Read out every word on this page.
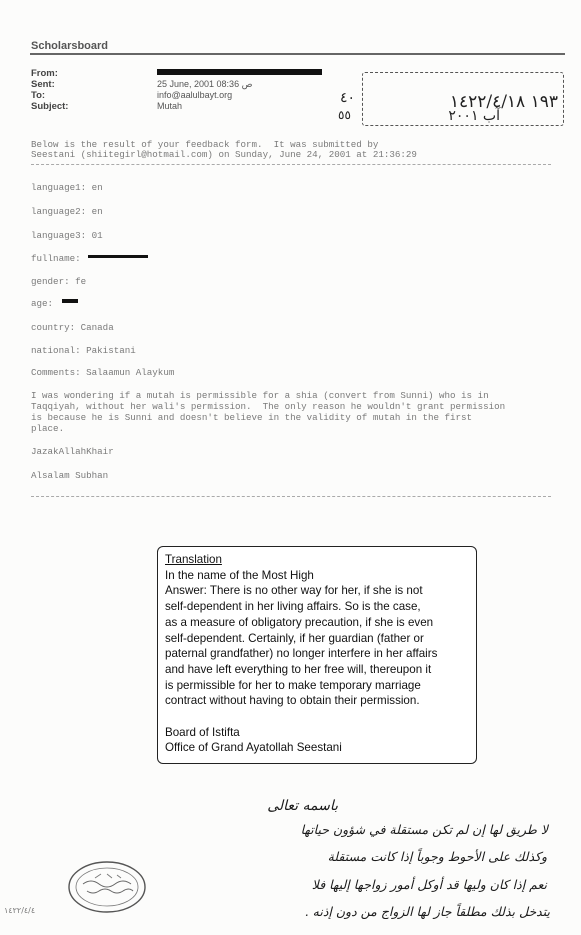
Scholarsboard
From:
Sent:	25 June, 2001 08:36 ص
To:	info@aalulbayt.org
Subject:	Mutah	١٩٣ ١٤٢٢/٤/١٨
آب ٢٠٠١
٤٠
٥٥
Below is the result of your feedback form.  It was submitted by
Seestani (shiitegirl@hotmail.com) on Sunday, June 24, 2001 at 21:36:29
language1: en
language2: en
language3: 01
fullname:
gender: fe
age:
country: Canada
national: Pakistani
Comments: Salaamun Alaykum
I was wondering if a mutah is permissible for a shia (convert from Sunni) who is in
Taqqiyah, without her wali's permission.  The only reason he wouldn't grant permission
is because he is Sunni and doesn't believe in the validity of mutah in the first
place.
JazakAllahKhair
Alsalam Subhan
Translation
In the name of the Most High
Answer: There is no other way for her, if she is not
self-dependent in her living affairs. So is the case,
as a measure of obligatory precaution, if she is even
self-dependent. Certainly, if her guardian (father or
paternal grandfather) no longer interfere in her affairs
and have left everything to her free will, thereupon it
is permissible for her to make temporary marriage
contract without having to obtain their permission.
Board of Istifta
Office of Grand Ayatollah Seestani
باسمه تعالى
لا طريق لها إن لم تكن مستقلة في شؤون حياتها
وكذلك على الأحوط وجوباً إذا كانت مستقلة
نعم إذا كان وليها قد أوكل أمور زواجها إليها فلا
يتدخل بذلك مطلقاً جاز لها الزواج من دون إذنه .
١٤٢٢/٤/٤
